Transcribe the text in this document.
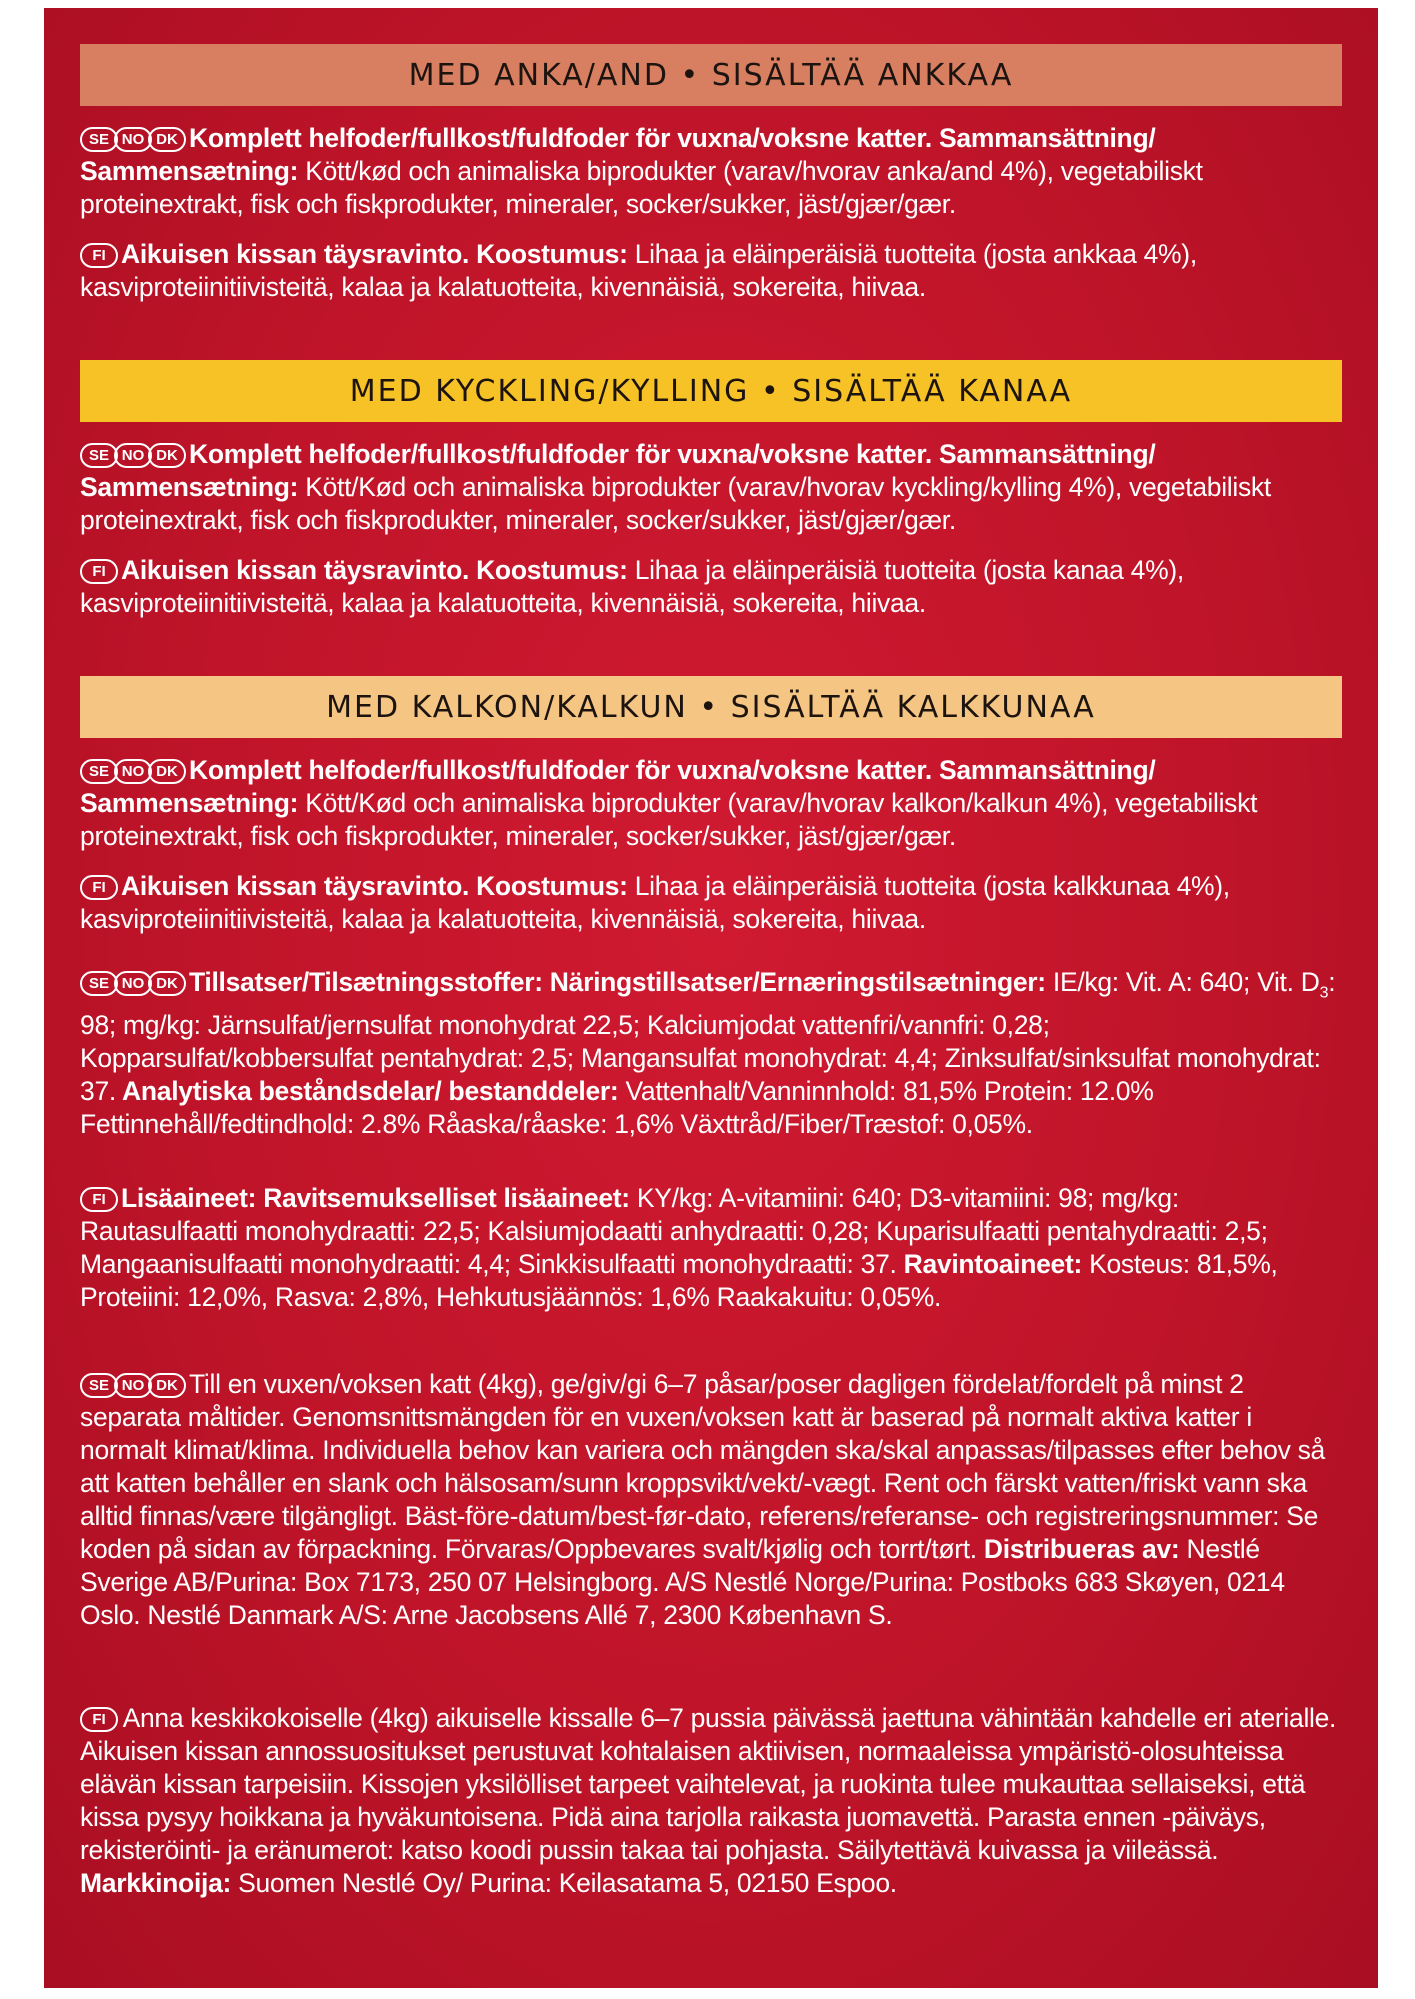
MED ANKA/AND • SISÄLTÄÄ ANKKAA
SE NO DK Komplett helfoder/fullkost/fuldfoder för vuxna/voksne katter. Sammansättning/ Sammensætning: Kött/kød och animaliska biprodukter (varav/hvorav anka/and 4%), vegetabiliskt proteinextrakt, fisk och fiskprodukter, mineraler, socker/sukker, jäst/gjær/gær.
FI Aikuisen kissan täysravinto. Koostumus: Lihaa ja eläinperäisiä tuotteita (josta ankkaa 4%), kasviproteiinitiivisteitä, kalaa ja kalatuotteita, kivennäisiä, sokereita, hiivaa.
MED KYCKLING/KYLLING • SISÄLTÄÄ KANAA
SE NO DK Komplett helfoder/fullkost/fuldfoder för vuxna/voksne katter. Sammansättning/ Sammensætning: Kött/Kød och animaliska biprodukter (varav/hvorav kyckling/kylling 4%), vegetabiliskt proteinextrakt, fisk och fiskprodukter, mineraler, socker/sukker, jäst/gjær/gær.
FI Aikuisen kissan täysravinto. Koostumus: Lihaa ja eläinperäisiä tuotteita (josta kanaa 4%), kasviproteiinitiivisteitä, kalaa ja kalatuotteita, kivennäisiä, sokereita, hiivaa.
MED KALKON/KALKUN • SISÄLTÄÄ KALKKUNAA
SE NO DK Komplett helfoder/fullkost/fuldfoder för vuxna/voksne katter. Sammansättning/ Sammensætning: Kött/Kød och animaliska biprodukter (varav/hvorav kalkon/kalkun 4%), vegetabiliskt proteinextrakt, fisk och fiskprodukter, mineraler, socker/sukker, jäst/gjær/gær.
FI Aikuisen kissan täysravinto. Koostumus: Lihaa ja eläinperäisiä tuotteita (josta kalkkunaa 4%), kasviproteiinitiivisteitä, kalaa ja kalatuotteita, kivennäisiä, sokereita, hiivaa.
SE NO DK Tillsatser/Tilsætningsstoffer: Näringstillsatser/Ernæringstilsætninger: IE/kg: Vit. A: 640; Vit. $D_3$: 98; mg/kg: Järnsulfat/jernsulfat monohydrat 22,5; Kalciumjodat vattenfri/vannfri: 0,28; Kopparsulfat/kobbersulfat pentahydrat: 2,5; Mangansulfat monohydrat: 4,4; Zinksulfat/sinksulfat monohydrat: 37. Analytiska beståndsdelar/ bestanddeler: Vattenhalt/Vanninnhold: 81,5% Protein: 12.0% Fettinnehåll/fedtindhold: 2.8% Råaska/råaske: 1,6% Växttråd/Fiber/Træstof: 0,05%.
FI Lisäaineet: Ravitsemukselliset lisäaineet: KY/kg: A-vitamiini: 640; D3-vitamiini: 98; mg/kg: Rautasulfaatti monohydraatti: 22,5; Kalsiumjodaatti anhydraatti: 0,28; Kuparisulfaatti pentahydraatti: 2,5; Mangaanisulfaatti monohydraatti: 4,4; Sinkkisulfaatti monohydraatti: 37. Ravintoaineet: Kosteus: 81,5%, Proteiini: 12,0%, Rasva: 2,8%, Hehkutusjäännös: 1,6% Raakakuitu: 0,05%.
SE NO DK Till en vuxen/voksen katt (4kg), ge/giv/gi 6–7 påsar/poser dagligen fördelat/fordelt på minst 2 separata måltider. Genomsnittsmängden för en vuxen/voksen katt är baserad på normalt aktiva katter i normalt klimat/klima. Individuella behov kan variera och mängden ska/skal anpassas/tilpasses efter behov så att katten behåller en slank och hälsosam/sunn kroppsvikt/vekt/-vægt. Rent och färskt vatten/friskt vann ska alltid finnas/være tilgängligt. Bäst-före-datum/best-før-dato, referens/referanse- och registreringsnummer: Se koden på sidan av förpackning. Förvaras/Oppbevares svalt/kjølig och torrt/tørt. Distribueras av: Nestlé Sverige AB/Purina: Box 7173, 250 07 Helsingborg. A/S Nestlé Norge/Purina: Postboks 683 Skøyen, 0214 Oslo. Nestlé Danmark A/S: Arne Jacobsens Allé 7, 2300 København S.
FI Anna keskikokoiselle (4kg) aikuiselle kissalle 6–7 pussia päivässä jaettuna vähintään kahdelle eri aterialle. Aikuisen kissan annossuositukset perustuvat kohtalaisen aktiivisen, normaaleissa ympäristö-olosuhteissa elävän kissan tarpeisiin. Kissojen yksilölliset tarpeet vaihtelevat, ja ruokinta tulee mukauttaa sellaiseksi, että kissa pysyy hoikkana ja hyväkuntoisena. Pidä aina tarjolla raikasta juomavettä. Parasta ennen -päiväys, rekisteröinti- ja eränumerot: katso koodi pussin takaa tai pohjasta. Säilytettävä kuivassa ja viileässä. Markkinoija: Suomen Nestlé Oy/ Purina: Keilasatama 5, 02150 Espoo.
